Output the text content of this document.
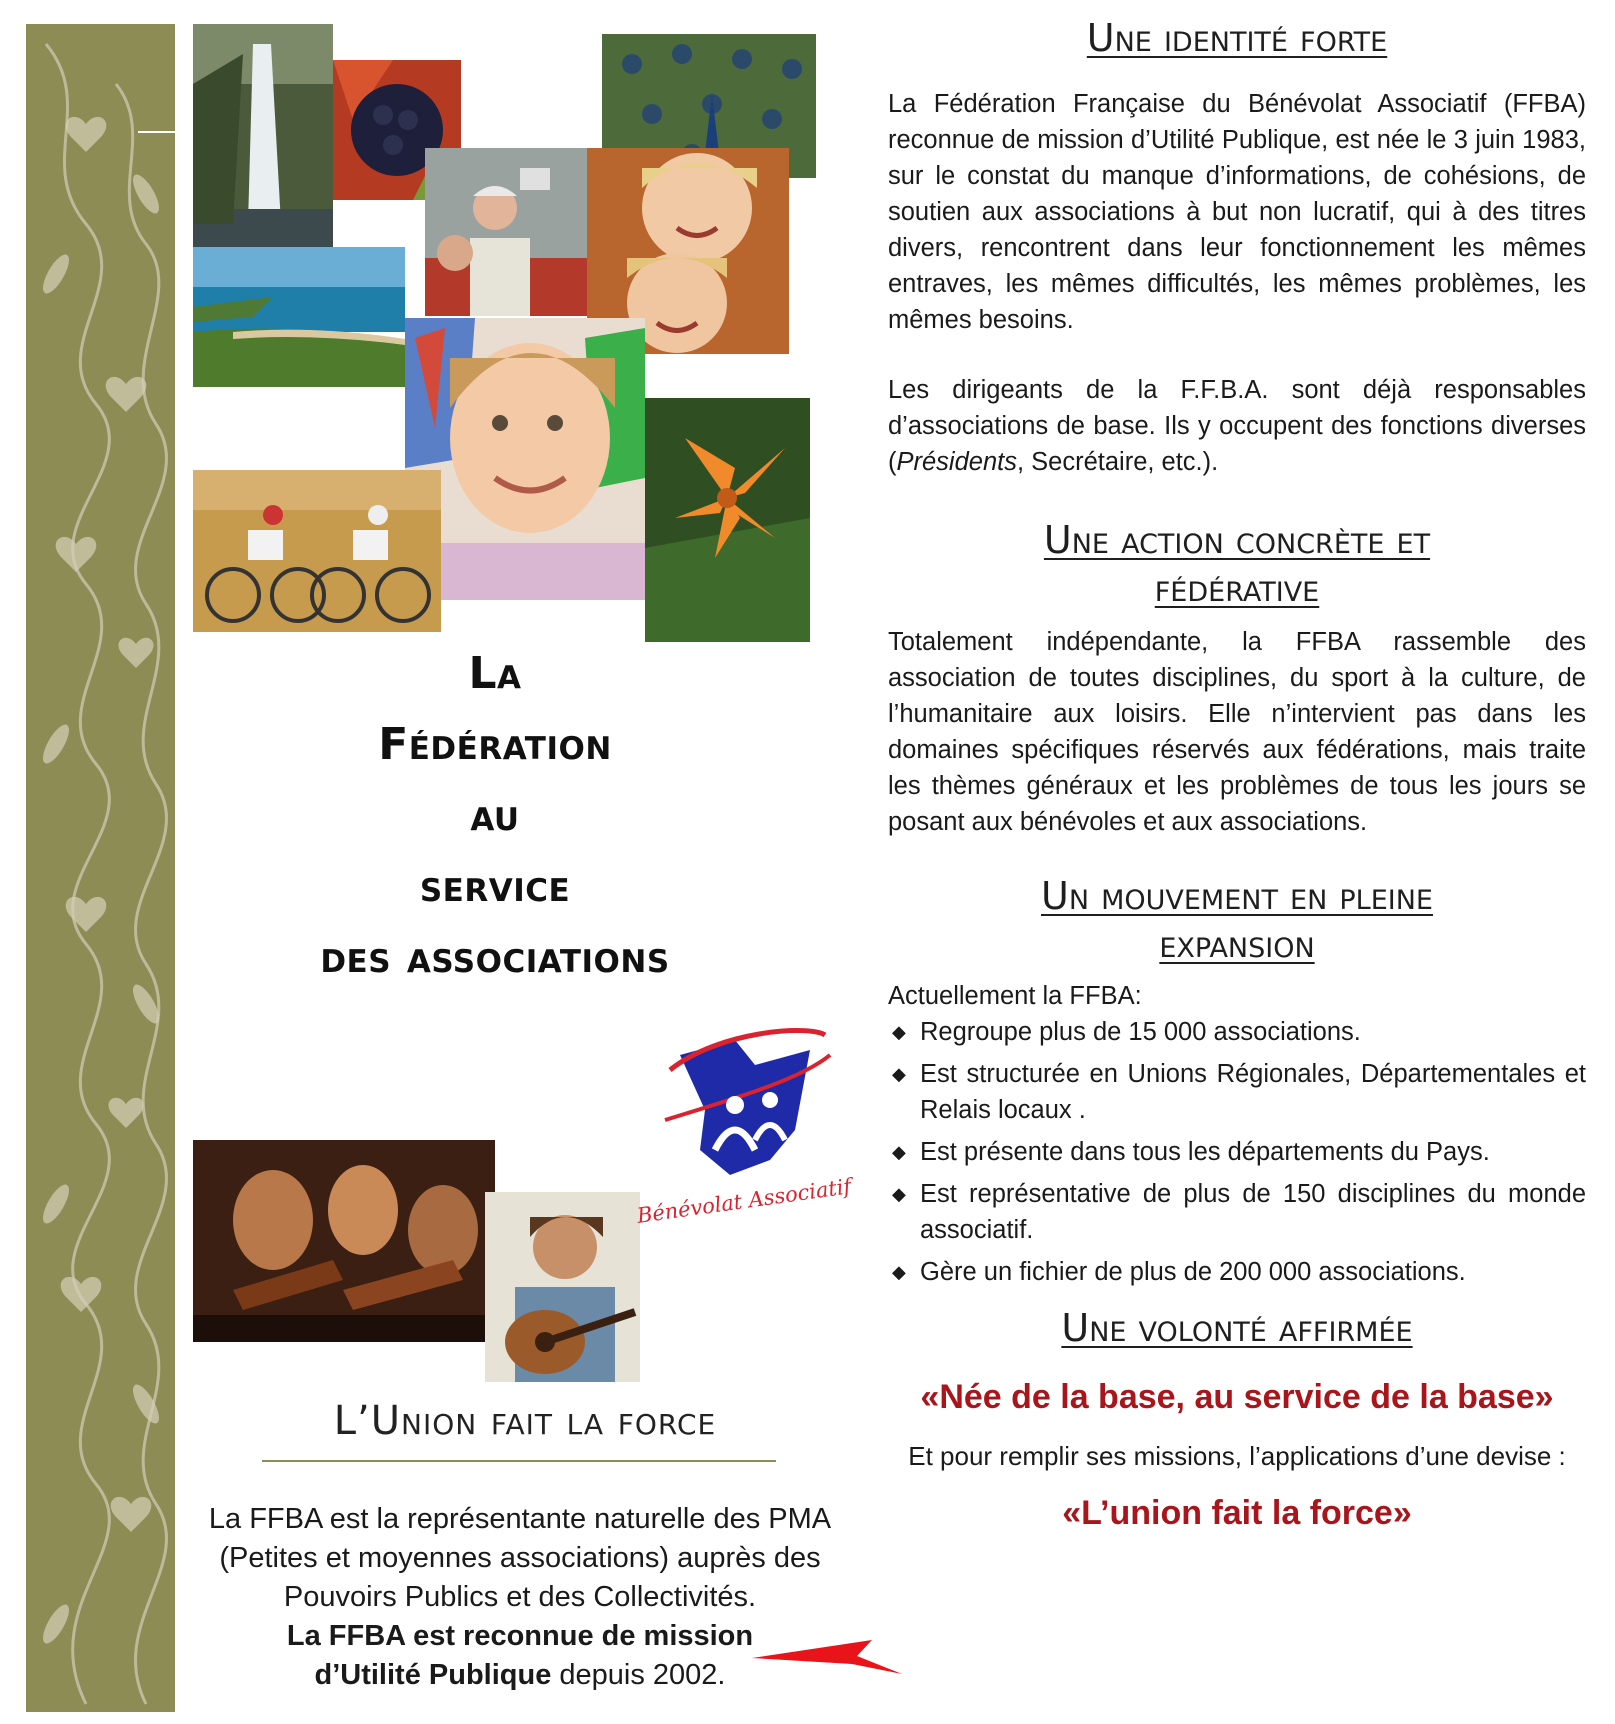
La
Fédération
au
service
des associations
Bénévolat Associatif
L’Union fait la force
La FFBA est la représentante naturelle des PMA
(Petites et moyennes associations) auprès des
Pouvoirs Publics et des Collectivités.
La FFBA est reconnue de mission
d’Utilité Publique depuis 2002.
Une identité forte

La Fédération Française du Bénévolat Associatif (FFBA) reconnue de mission d’Utilité Publique, est née le 3 juin 1983, sur le constat du manque d’informations, de cohésions, de soutien aux associations à but non lucratif, qui à des titres divers, rencontrent dans leur fonctionnement les mêmes entraves, les mêmes difficultés, les mêmes problèmes, les mêmes besoins.

Les dirigeants de la F.F.B.A. sont déjà responsables d’associations de base. Ils y occupent des fonctions diverses (Présidents, Secrétaire, etc.).

Une action concrète et
fédérative

Totalement indépendante, la FFBA rassemble des association de toutes disciplines, du sport à la culture, de l’humanitaire aux loisirs. Elle n’intervient pas dans les domaines spécifiques réservés aux fédérations, mais traite les thèmes généraux et les problèmes de tous les jours se posant aux bénévoles et aux associations.

Un mouvement en pleine
expansion

Actuellement la FFBA:

◆ Regroupe plus de 15 000 associations.
◆ Est structurée en Unions Régionales, Départementales et Relais locaux .
◆ Est présente dans tous les départements du Pays.
◆ Est représentative de plus de 150 disciplines du monde associatif.
◆ Gère un fichier de plus de 200 000 associations.
Une volonté affirmée
«Née de la base, au service de la base»
Et pour remplir ses missions, l’applications d’une devise :
«L’union fait la force»
